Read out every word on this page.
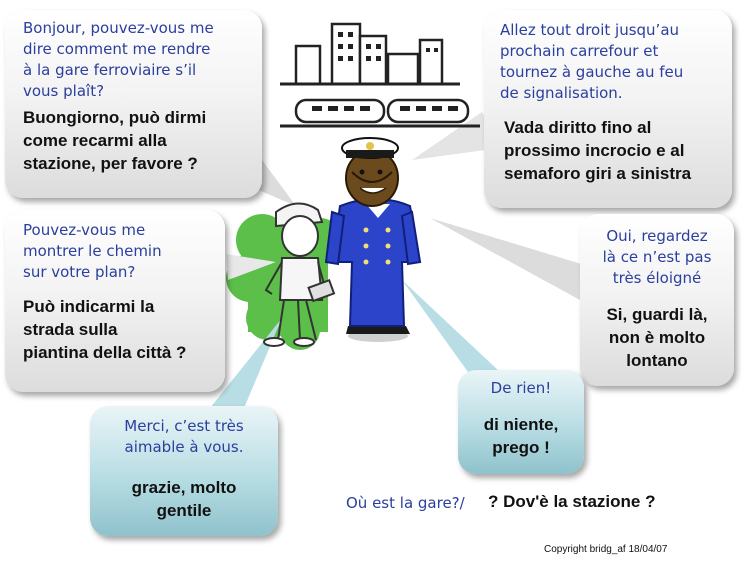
Bonjour, pouvez-vous me
dire comment me rendre
à la gare ferroviaire s’il
vous plaît?
Buongiorno, può dirmi
come recarmi alla
stazione, per favore ?
Allez tout droit jusqu’au
prochain carrefour et
tournez à gauche au feu
de signalisation.
Vada diritto fino al
prossimo incrocio e al
semaforo giri a sinistra
Pouvez-vous me
montrer le chemin
sur votre plan?
Può indicarmi la
strada sulla
piantina della città ?
Oui, regardez
là ce n’est pas
très éloigné
Si, guardi là,
non è molto
lontano
Merci, c’est très
aimable à vous.
grazie, molto
gentile
De rien!
di niente,
prego !
Où est la gare?/ ? Dov'è la stazione ?
Copyright bridg_af 18/04/07
